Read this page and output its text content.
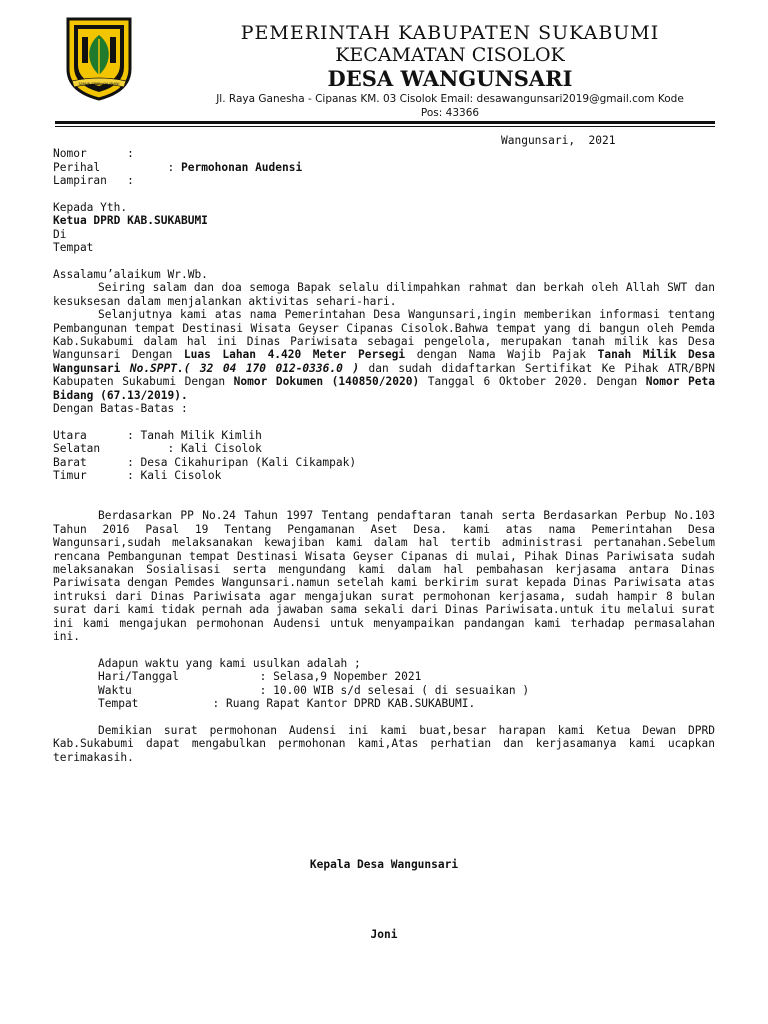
SAMUN SIPER LOH JINAWI
PEMERINTAH KABUPATEN SUKABUMI
KECAMATAN CISOLOK
DESA WANGUNSARI
Jl. Raya Ganesha - Cipanas KM. 03 Cisolok Email: desawangunsari2019@gmail.com Kode
Pos: 43366
Wangunsari,  2021
Nomor      :
Perihal          : Permohonan Audensi
Lampiran   :
Kepada Yth.
Ketua DPRD KAB.SUKABUMI
Di
Tempat
Assalamu’alaikum Wr.Wb.

Seiring salam dan doa semoga Bapak selalu dilimpahkan rahmat dan berkah oleh Allah SWT dan kesuksesan dalam menjalankan aktivitas sehari-hari.

Selanjutnya kami atas nama Pemerintahan Desa Wangunsari,ingin memberikan informasi tentang Pembangunan tempat Destinasi Wisata Geyser Cipanas Cisolok.Bahwa tempat yang di bangun oleh Pemda Kab.Sukabumi dalam hal ini Dinas Pariwisata sebagai pengelola, merupakan tanah milik kas Desa Wangunsari Dengan Luas Lahan 4.420 Meter Persegi dengan Nama Wajib Pajak Tanah Milik Desa Wangunsari No.SPPT.( 32 04 170 012-0336.0 ) dan sudah didaftarkan Sertifikat Ke Pihak ATR/BPN Kabupaten Sukabumi Dengan Nomor Dokumen (140850/2020) Tanggal 6 Oktober 2020. Dengan Nomor Peta Bidang (67.13/2019).

Dengan Batas-Batas :
Utara      : Tanah Milik Kimlih
Selatan          : Kali Cisolok
Barat      : Desa Cikahuripan (Kali Cikampak)
Timur      : Kali Cisolok

Berdasarkan PP No.24 Tahun 1997 Tentang pendaftaran tanah serta Berdasarkan Perbup No.103 Tahun 2016 Pasal 19 Tentang Pengamanan Aset Desa. kami atas nama Pemerintahan Desa Wangunsari,sudah melaksanakan kewajiban kami dalam hal tertib administrasi pertanahan.Sebelum rencana Pembangunan tempat Destinasi Wisata Geyser Cipanas di mulai, Pihak Dinas Pariwisata sudah melaksanakan Sosialisasi serta mengundang kami dalam hal pembahasan kerjasama antara Dinas Pariwisata dengan Pemdes Wangunsari.namun setelah kami berkirim surat kepada Dinas Pariwisata atas intruksi dari Dinas Pariwisata agar mengajukan surat permohonan kerjasama, sudah hampir 8 bulan surat dari kami tidak pernah ada jawaban sama sekali dari Dinas Pariwisata.untuk itu melalui surat ini kami mengajukan permohonan Audensi untuk menyampaikan pandangan kami terhadap permasalahan ini.

Adapun waktu yang kami usulkan adalah ;
Hari/Tanggal            : Selasa,9 Nopember 2021
Waktu                   : 10.00 WIB s/d selesai ( di sesuaikan )
Tempat           : Ruang Rapat Kantor DPRD KAB.SUKABUMI.

Demikian surat permohonan Audensi ini kami buat,besar harapan kami Ketua Dewan DPRD Kab.Sukabumi dapat mengabulkan permohonan kami,Atas perhatian dan kerjasamanya kami ucapkan terimakasih.

Kepala Desa Wangunsari
Joni
